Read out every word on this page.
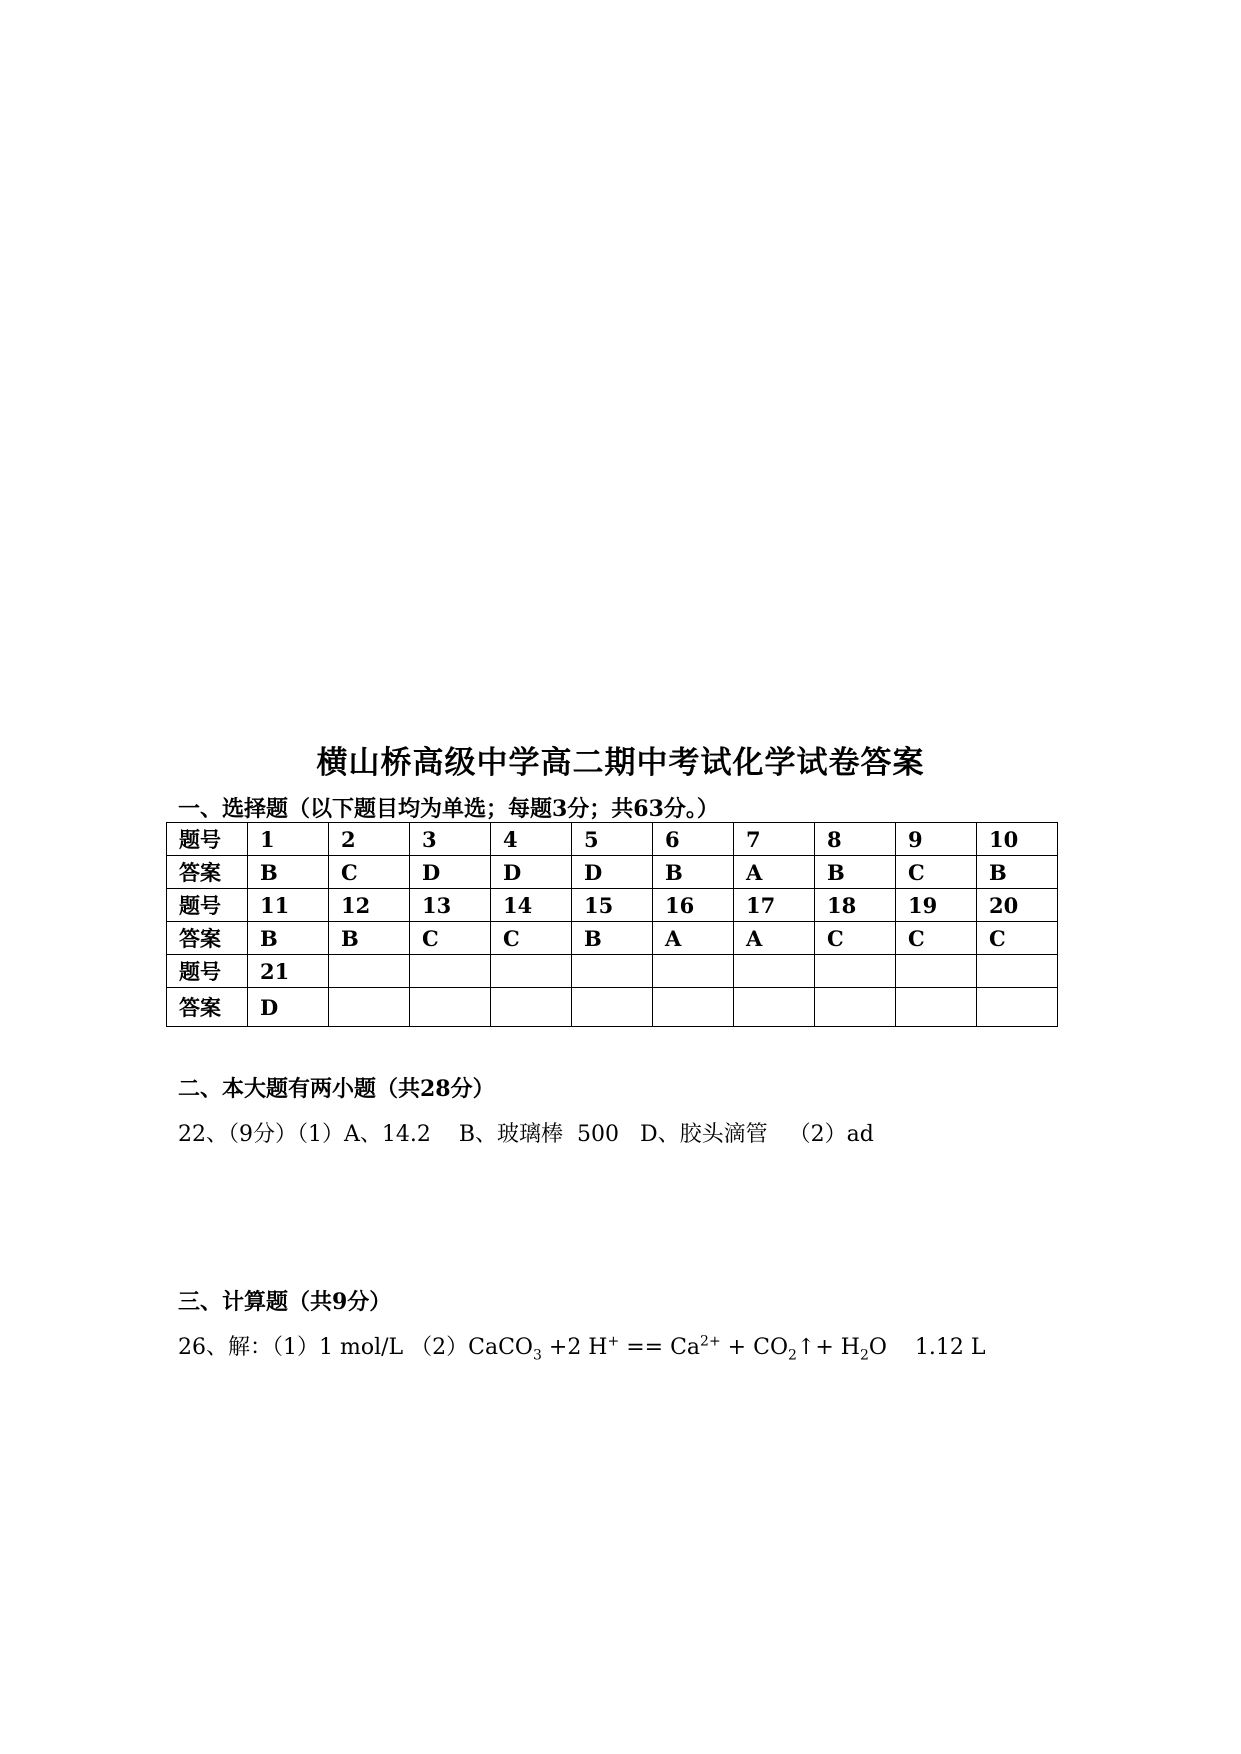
横山桥高级中学高二期中考试化学试卷答案
一、选择题（以下题目均为单选；每题3分；共63分。）
题号	1	2	3	4	5	6	7	8	9	10
答案	B	C	D	D	D	B	A	B	C	B
题号	11	12	13	14	15	16	17	18	19	20
答案	B	B	C	C	B	A	A	C	C	C
题号	21									
答案	D									
二、本大题有两小题（共28分）
22、（9分）（1）A、14.2    B、玻璃棒  500   D、胶头滴管   （2）ad
三、计算题（共9分）
26、解：（1）1 mol/L （2）CaCO$_3$ +2 $H^+ == Ca^{2+}$ + $CO_2↑+ H_2O$    1.12 L
